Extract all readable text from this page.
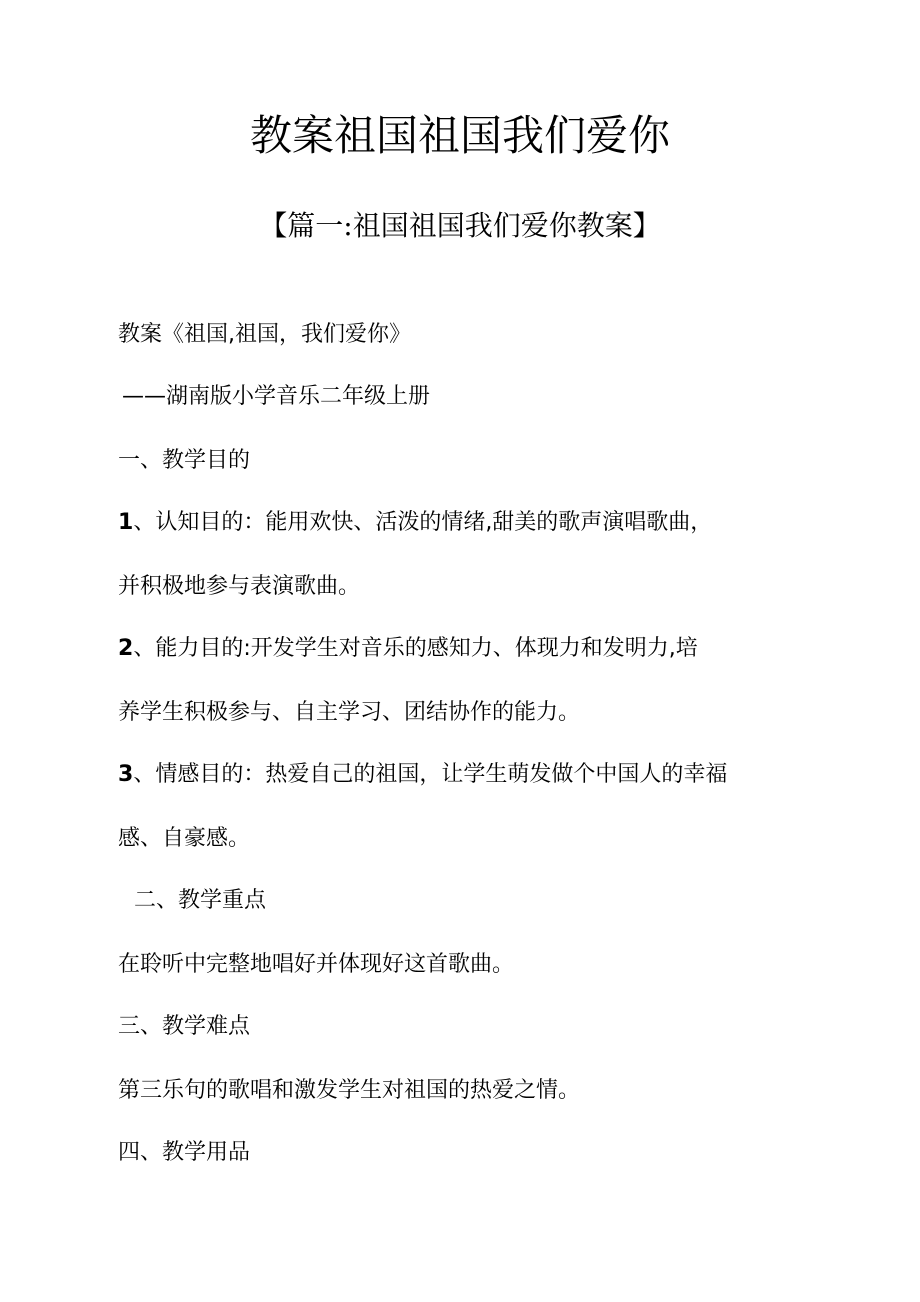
教案祖国祖国我们爱你
【篇一:祖国祖国我们爱你教案】
教案《祖国,祖国，我们爱你》
——湖南版小学音乐二年级上册
一、教学目的
1、认知目的：能用欢快、活泼的情绪,甜美的歌声演唱歌曲，
并积极地参与表演歌曲。
2、能力目的:开发学生对音乐的感知力、体现力和发明力,培
养学生积极参与、自主学习、团结协作的能力。
3、情感目的：热爱自己的祖国，让学生萌发做个中国人的幸福
感、自豪感。
二、教学重点
在聆听中完整地唱好并体现好这首歌曲。
三、教学难点
第三乐句的歌唱和激发学生对祖国的热爱之情。
四、教学用品
